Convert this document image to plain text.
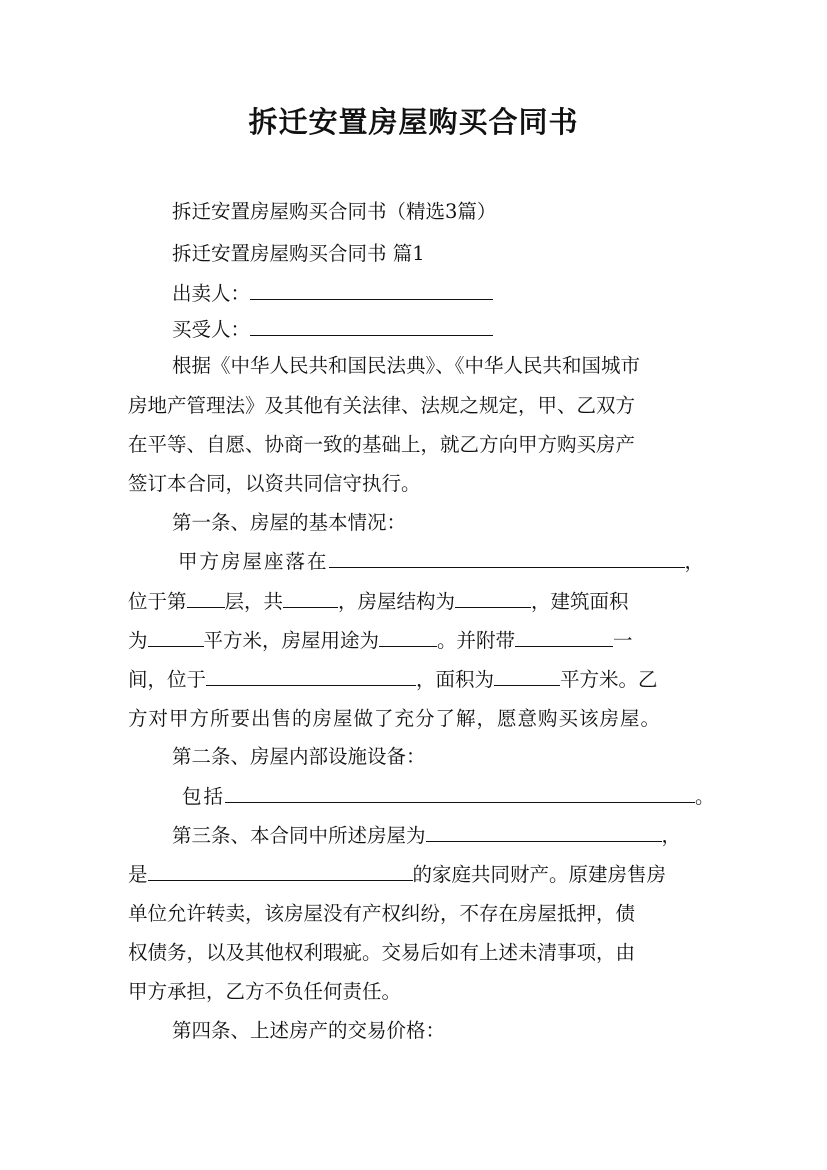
拆迁安置房屋购买合同书
拆迁安置房屋购买合同书（精选3篇）
拆迁安置房屋购买合同书 篇1
出卖人：
买受人：
根据《中华人民共和国民法典》、《中华人民共和国城市
房地产管理法》及其他有关法律、法规之规定，甲、乙双方
在平等、自愿、协商一致的基础上，就乙方向甲方购买房产
签订本合同，以资共同信守执行。
第一条、房屋的基本情况：
甲方房屋座落在	，
位于第 层，共	，房屋结构为	，建筑面积
为	平方米，房屋用途为	。并附带	一
间，位于	，面积为	平方米。乙
方对甲方所要出售的房屋做了充分了解，愿意购买该房屋。
第二条、房屋内部设施设备：
包括	。
第三条、本合同中所述房屋为	，
是	的家庭共同财产。原建房售房
单位允许转卖，该房屋没有产权纠纷，不存在房屋抵押，债
权债务，以及其他权利瑕疵。交易后如有上述未清事项，由
甲方承担，乙方不负任何责任。
第四条、上述房产的交易价格：
